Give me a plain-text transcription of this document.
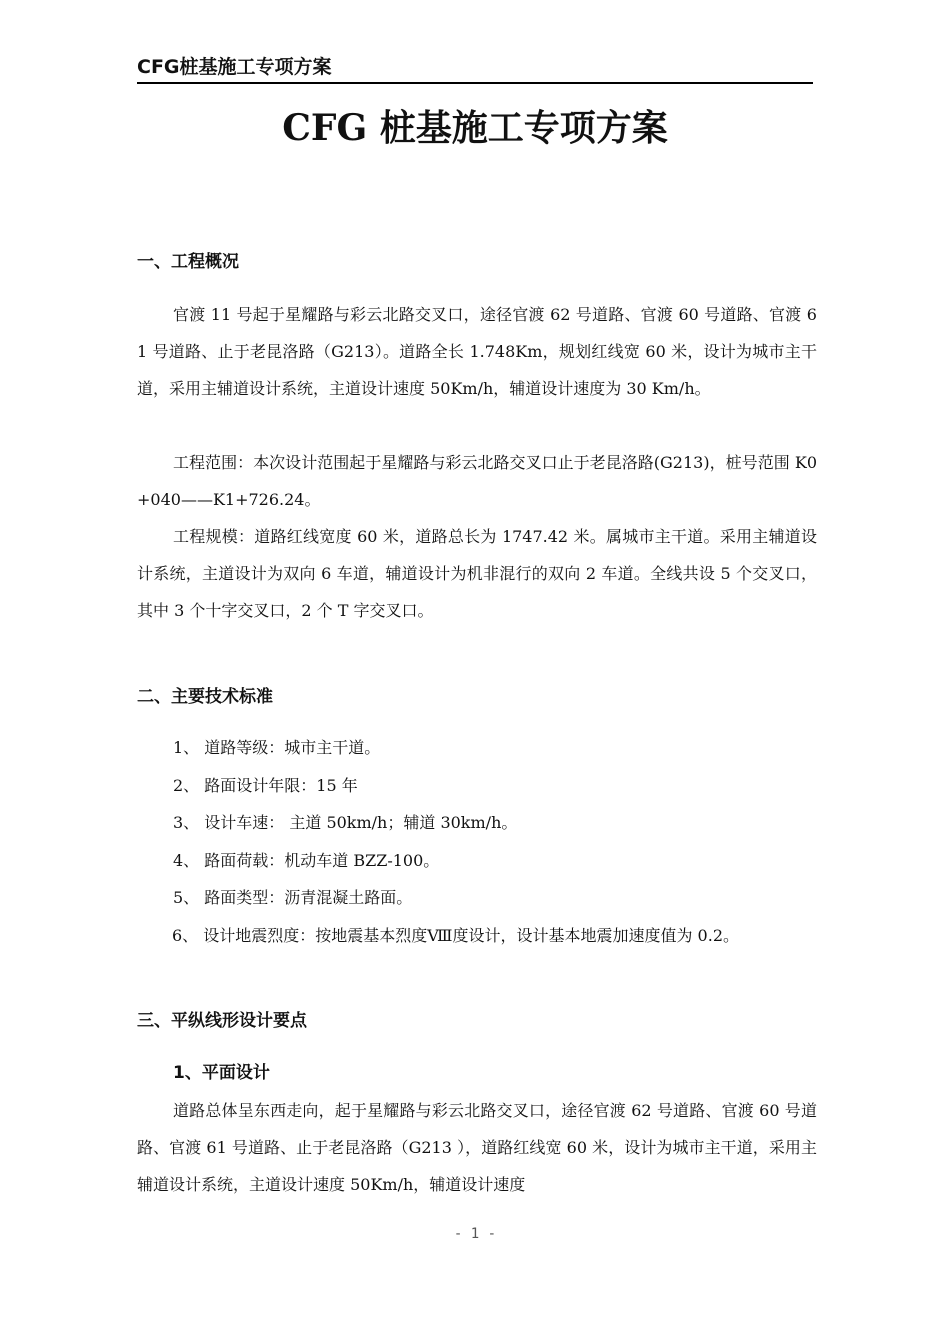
CFG桩基施工专项方案
CFG 桩基施工专项方案
一、工程概况

官渡 11 号起于星耀路与彩云北路交叉口，途径官渡 62 号道路、官渡 60 号道路、官渡 61 号道路、止于老昆洛路（G213）。道路全长 1.748Km，规划红线宽 60 米，设计为城市主干道，采用主辅道设计系统，主道设计速度 50Km/h，辅道设计速度为 30 Km/h。

工程范围：本次设计范围起于星耀路与彩云北路交叉口止于老昆洛路(G213)，桩号范围 K0+040——K1+726.24。

工程规模：道路红线宽度 60 米，道路总长为 1747.42 米。属城市主干道。采用主辅道设计系统，主道设计为双向 6 车道，辅道设计为机非混行的双向 2 车道。全线共设 5 个交叉口，其中 3 个十字交叉口，2 个 T 字交叉口。

二、主要技术标准
1、 道路等级：城市主干道。
2、 路面设计年限：15 年
3、 设计车速： 主道 50km/h；辅道 30km/h。
4、 路面荷载：机动车道 BZZ-100。
5、 路面类型：沥青混凝土路面。
6、 设计地震烈度：按地震基本烈度Ⅷ度设计，设计基本地震加速度值为 0.2。
三、平纵线形设计要点
1、平面设计

道路总体呈东西走向，起于星耀路与彩云北路交叉口，途径官渡 62 号道路、官渡 60 号道路、官渡 61 号道路、止于老昆洛路（G213 ），道路红线宽 60 米，设计为城市主干道，采用主辅道设计系统，主道设计速度 50Km/h，辅道设计速度

- 1 -
